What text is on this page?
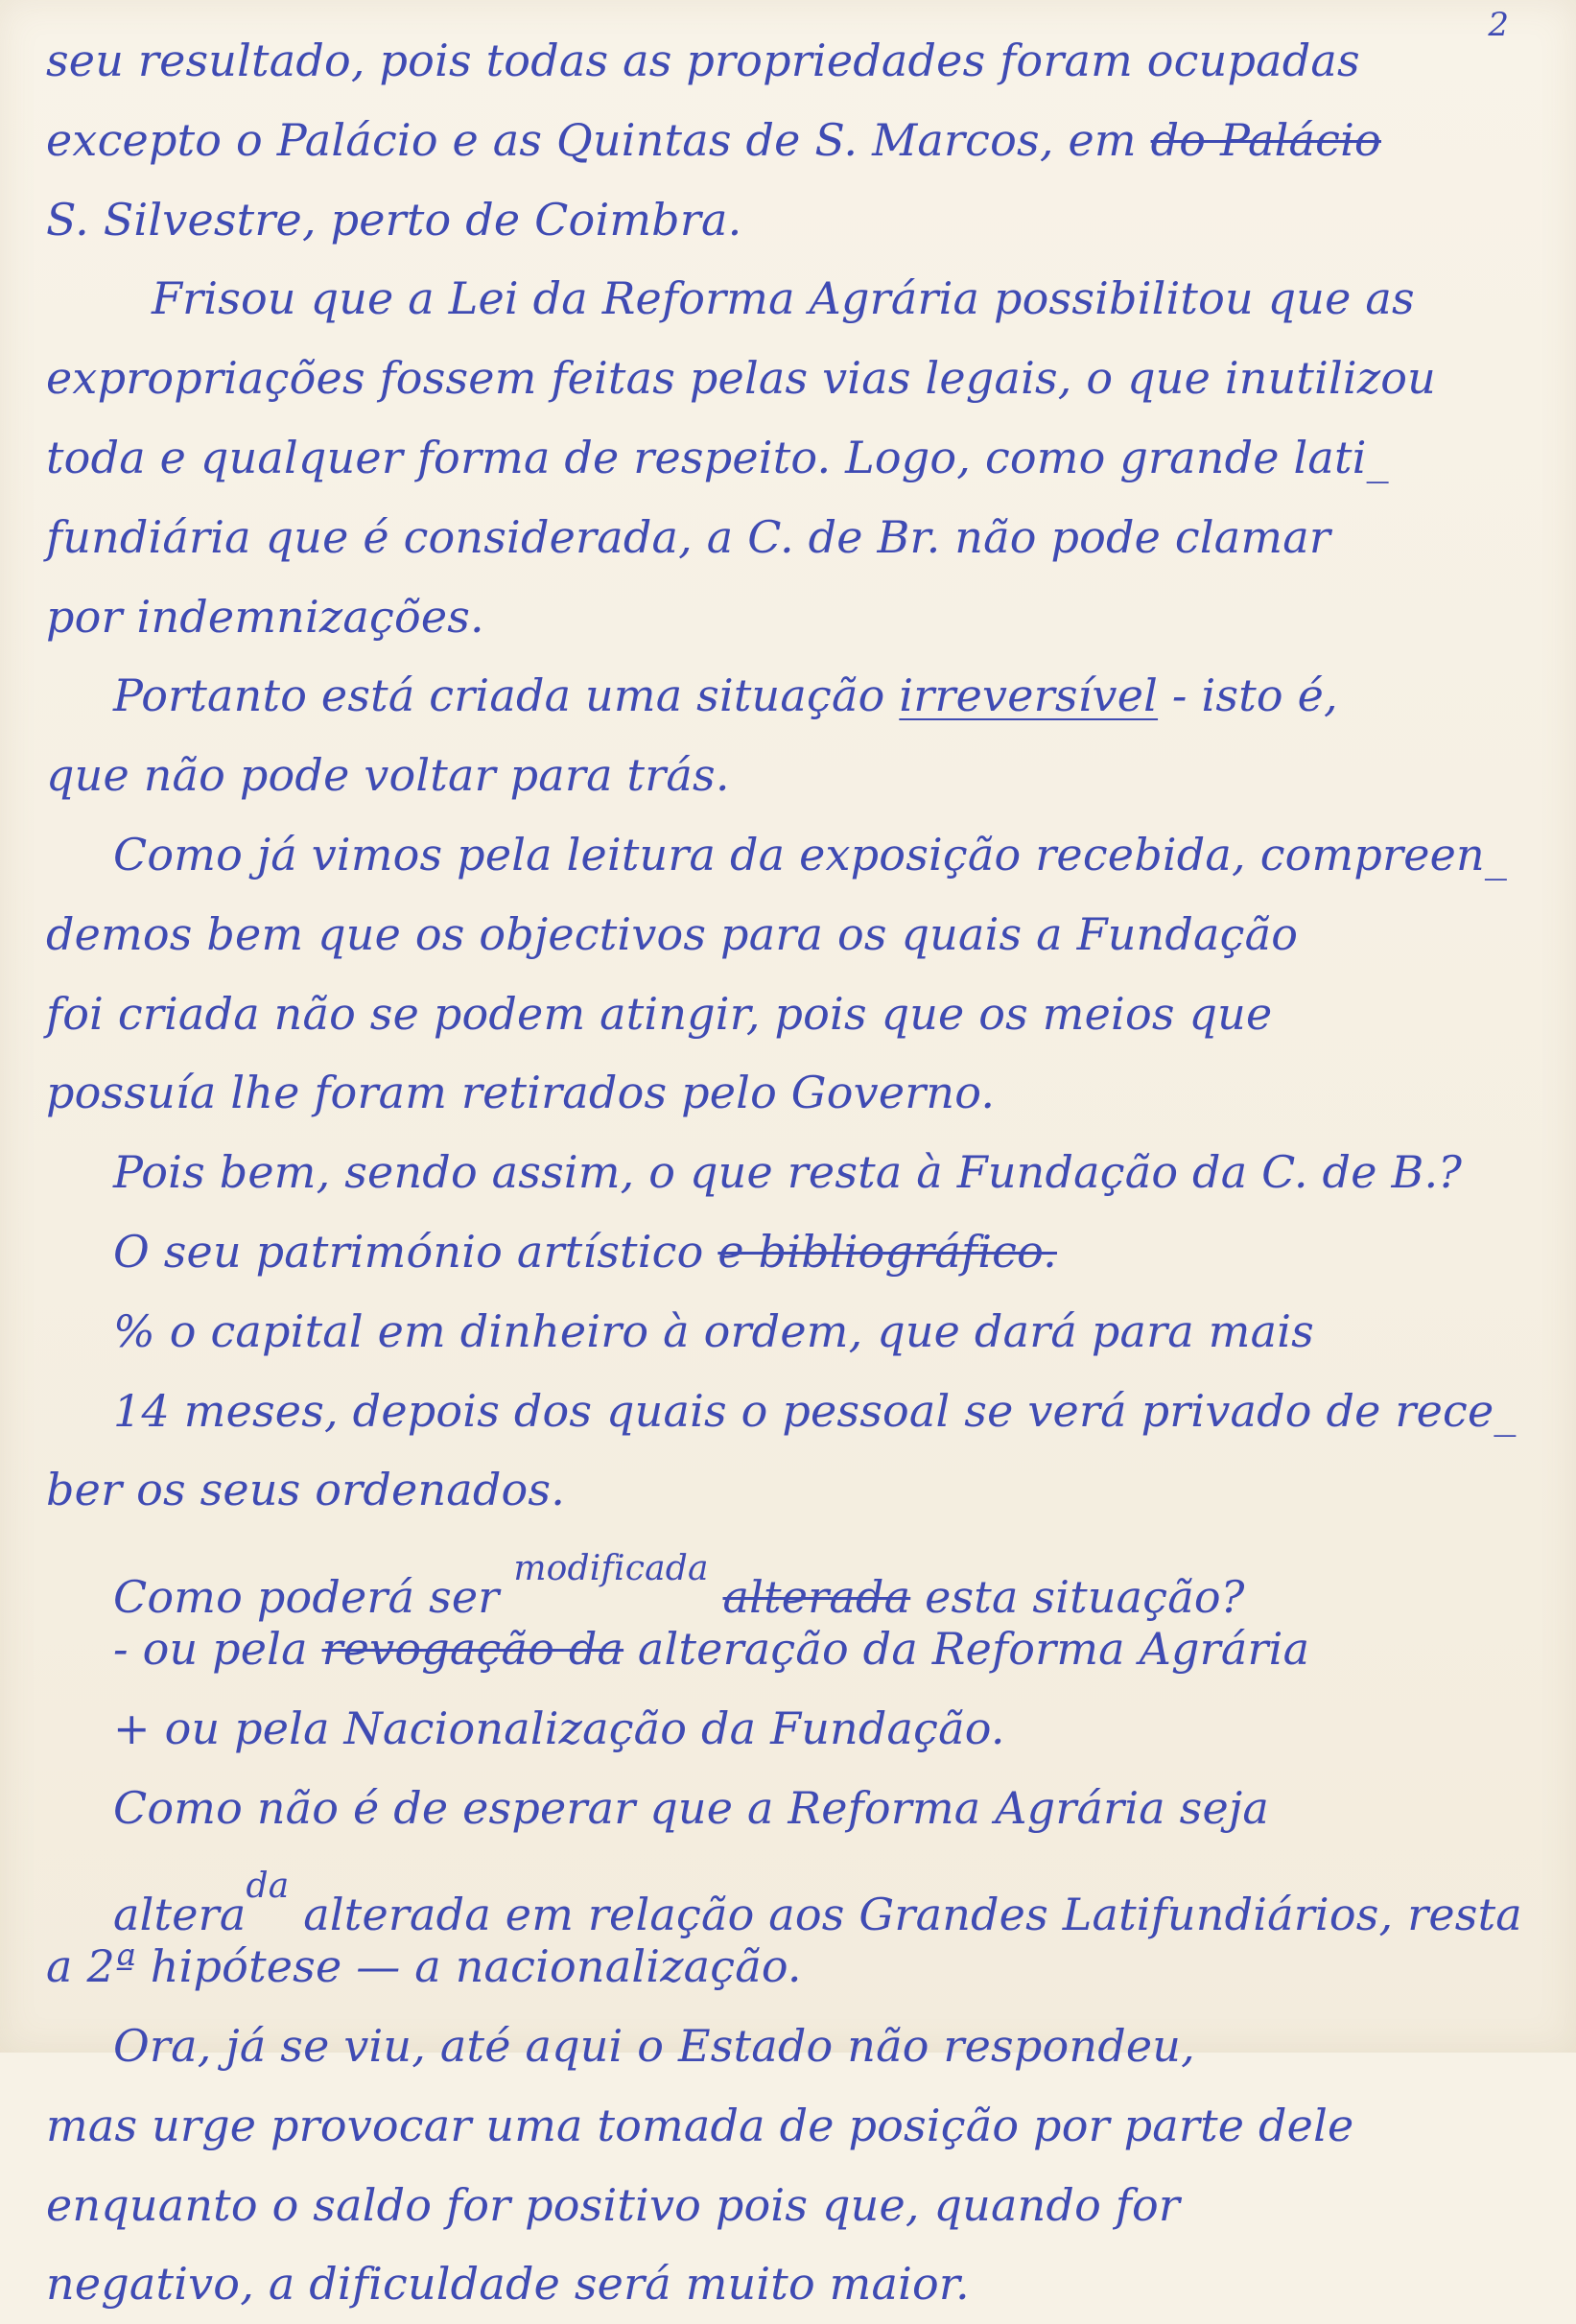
2
seu resultado, pois todas as propriedades foram ocupadas
excepto o Palácio e as Quintas de S. Marcos, em do Palácio
S. Silvestre, perto de Coimbra.
Frisou que a Lei da Reforma Agrária possibilitou que as
expropriações fossem feitas pelas vias legais, o que inutilizou
toda e qualquer forma de respeito. Logo, como grande lati_
fundiária que é considerada, a C. de Br. não pode clamar
por indemnizações.
Portanto está criada uma situação irreversível - isto é,
que não pode voltar para trás.
Como já vimos pela leitura da exposição recebida, compreen_
demos bem que os objectivos para os quais a Fundação
foi criada não se podem atingir, pois que os meios que
possuía lhe foram retirados pelo Governo.
Pois bem, sendo assim, o que resta à Fundação da C. de B.?
O seu património artístico e bibliográfico.
% o capital em dinheiro à ordem, que dará para mais
14 meses, depois dos quais o pessoal se verá privado de rece_
ber os seus ordenados.
Como poderá ser $^{modificada}$ alterada esta situação?
- ou pela revogação da alteração da Reforma Agrária
+ ou pela Nacionalização da Fundação.
Como não é de esperar que a Reforma Agrária seja
altera$^{da}$ alterada em relação aos Grandes Latifundiários, resta
a 2ª hipótese — a nacionalização.
Ora, já se viu, até aqui o Estado não respondeu,
mas urge provocar uma tomada de posição por parte dele
enquanto o saldo for positivo pois que, quando for
negativo, a dificuldade será muito maior.
